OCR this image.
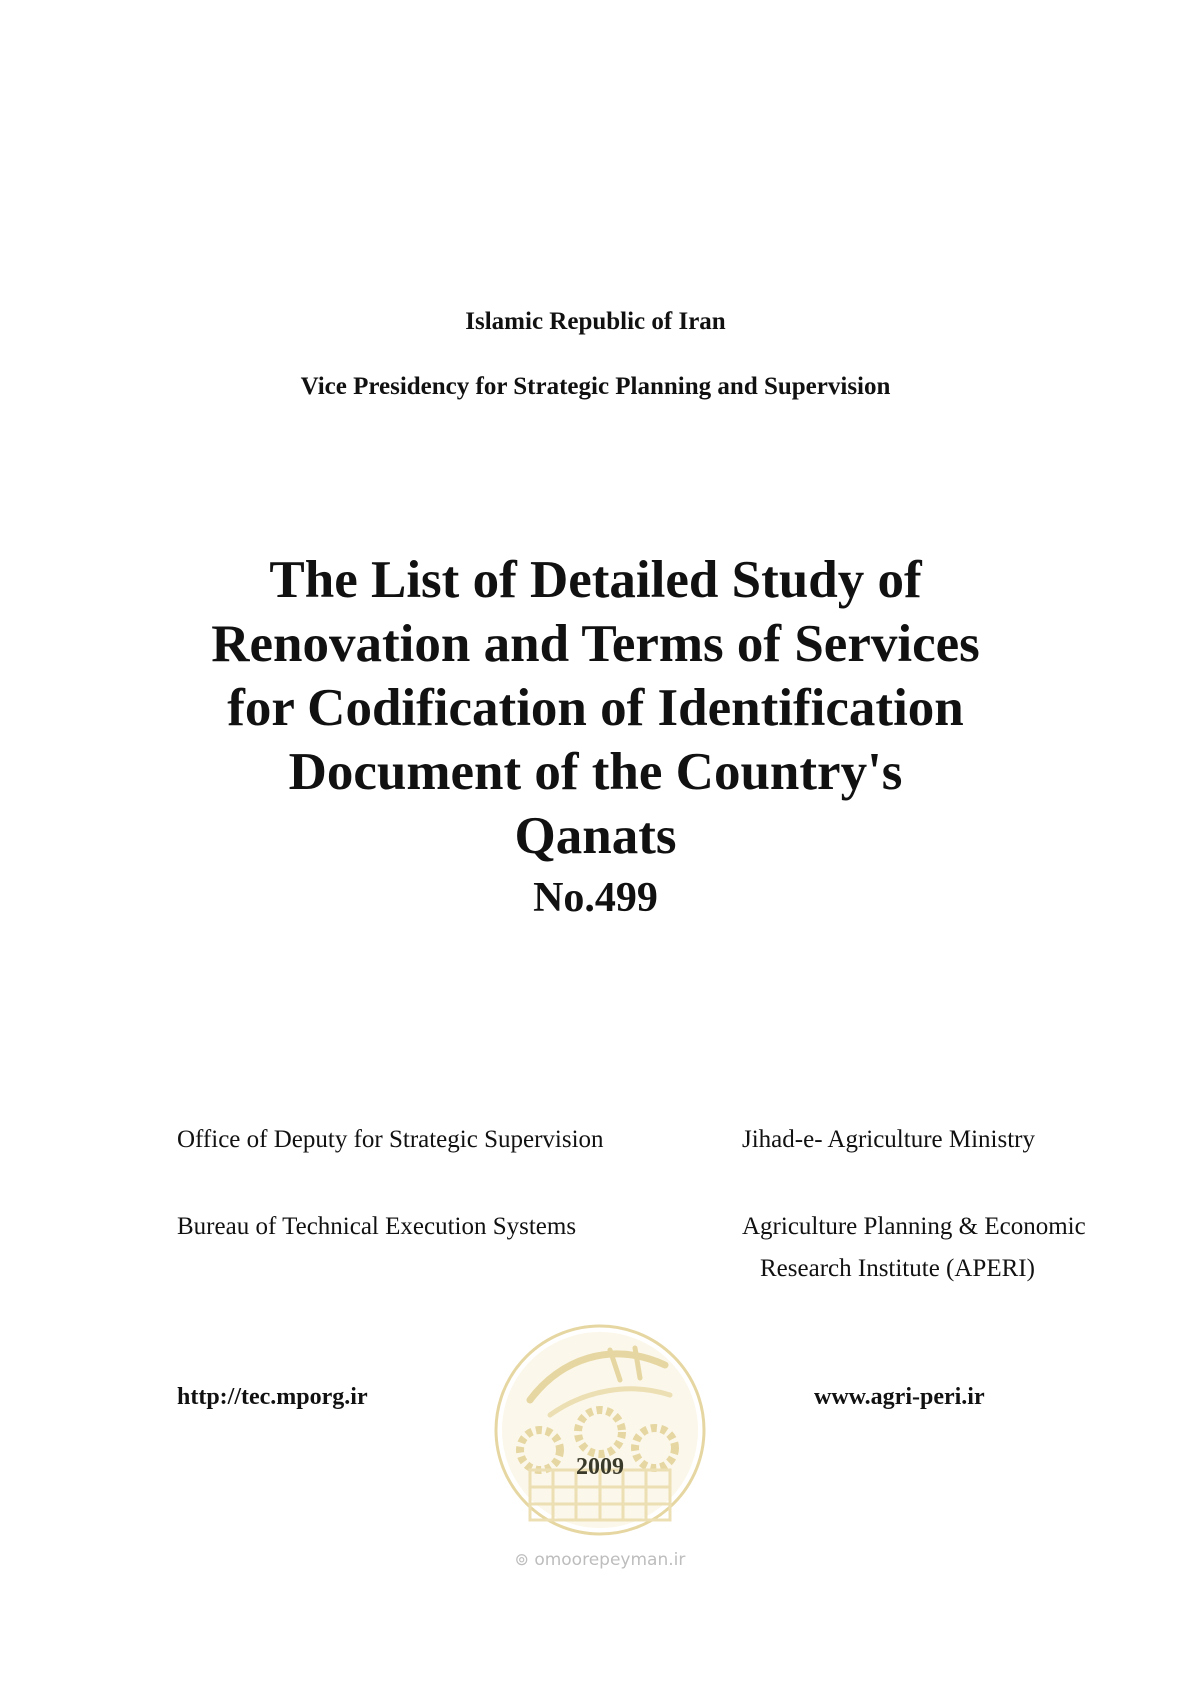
Islamic Republic of Iran
Vice Presidency for Strategic Planning and Supervision
The List of Detailed Study of
Renovation and Terms of Services
for Codification of Identification
Document of the Country's
Qanats
No.499
Office of Deputy for Strategic Supervision
Bureau of Technical Execution Systems
Jihad-e- Agriculture Ministry
Agriculture Planning & Economic
Research Institute (APERI)
http://tec.mporg.ir	www.agri-peri.ir
2009
⊚ omoorepeyman.ir
